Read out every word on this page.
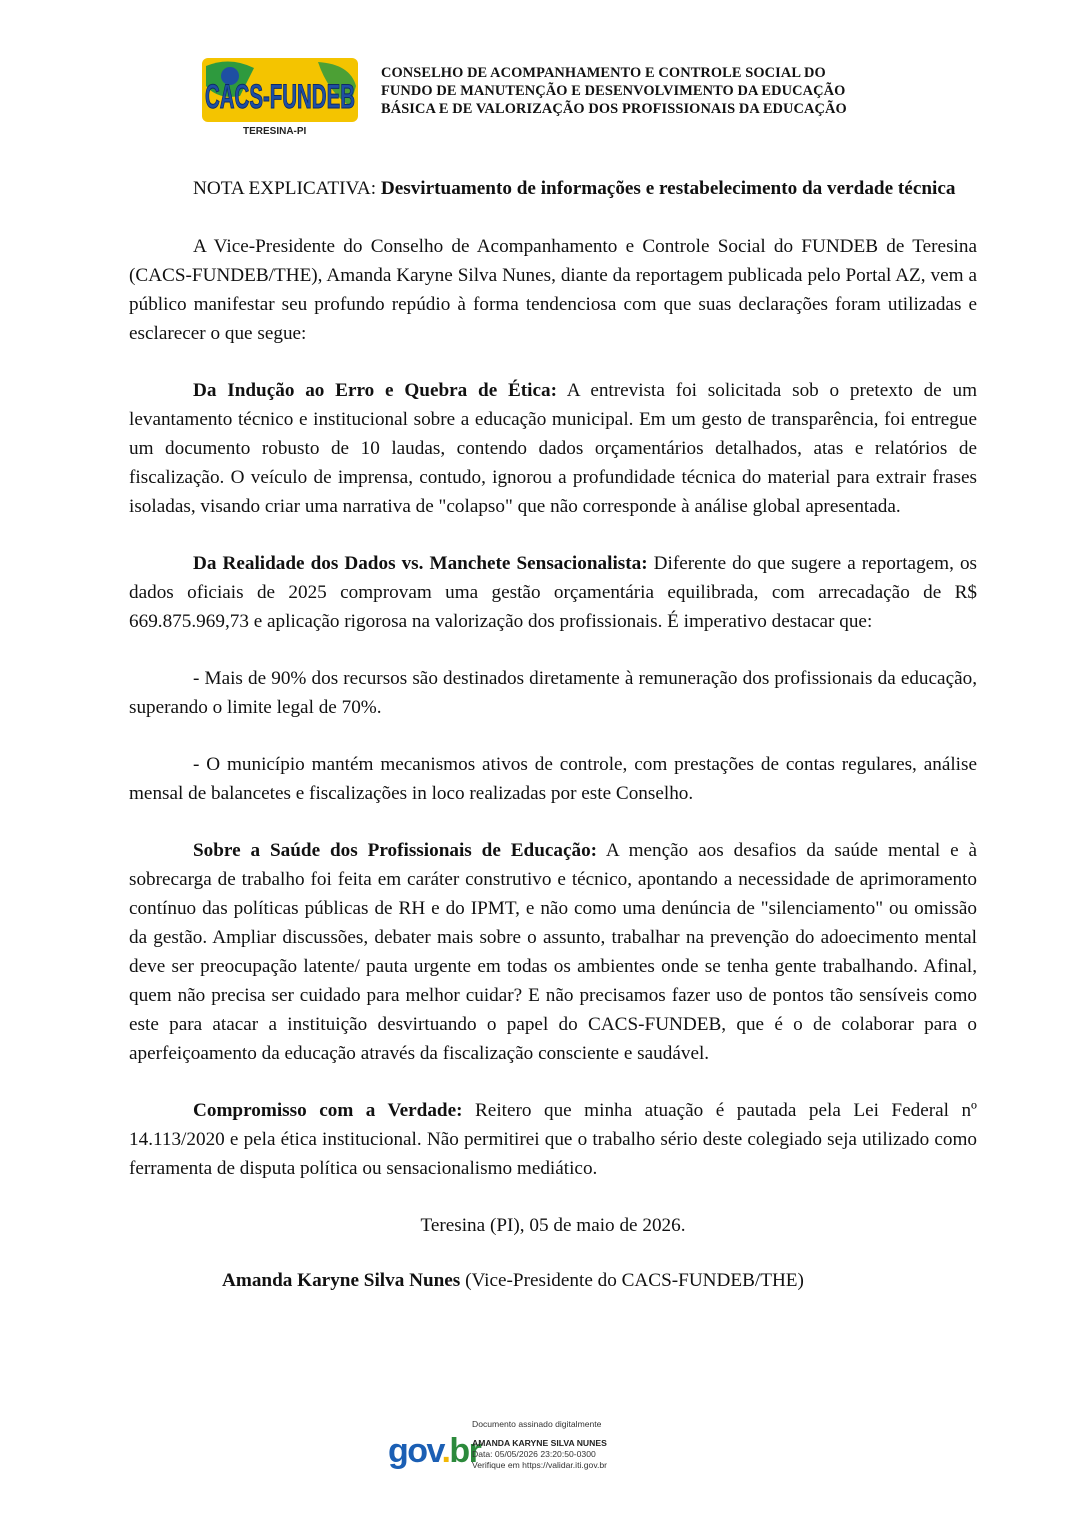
CACS-FUNDEB
TERESINA-PI
CONSELHO DE ACOMPANHAMENTO E CONTROLE SOCIAL DO
FUNDO DE MANUTENÇÃO E DESENVOLVIMENTO DA EDUCAÇÃO
BÁSICA E DE VALORIZAÇÃO DOS PROFISSIONAIS DA EDUCAÇÃO

NOTA EXPLICATIVA: Desvirtuamento de informações e restabelecimento da verdade técnica

A Vice-Presidente do Conselho de Acompanhamento e Controle Social do FUNDEB de Teresina (CACS-FUNDEB/THE), Amanda Karyne Silva Nunes, diante da reportagem publicada pelo Portal AZ, vem a público manifestar seu profundo repúdio à forma tendenciosa com que suas declarações foram utilizadas e esclarecer o que segue:

Da Indução ao Erro e Quebra de Ética: A entrevista foi solicitada sob o pretexto de um levantamento técnico e institucional sobre a educação municipal. Em um gesto de transparência, foi entregue um documento robusto de 10 laudas, contendo dados orçamentários detalhados, atas e relatórios de fiscalização. O veículo de imprensa, contudo, ignorou a profundidade técnica do material para extrair frases isoladas, visando criar uma narrativa de "colapso" que não corresponde à análise global apresentada.

Da Realidade dos Dados vs. Manchete Sensacionalista: Diferente do que sugere a reportagem, os dados oficiais de 2025 comprovam uma gestão orçamentária equilibrada, com arrecadação de R$ 669.875.969,73 e aplicação rigorosa na valorização dos profissionais. É imperativo destacar que:

- Mais de 90% dos recursos são destinados diretamente à remuneração dos profissionais da educação, superando o limite legal de 70%.

- O município mantém mecanismos ativos de controle, com prestações de contas regulares, análise mensal de balancetes e fiscalizações in loco realizadas por este Conselho.

Sobre a Saúde dos Profissionais de Educação: A menção aos desafios da saúde mental e à sobrecarga de trabalho foi feita em caráter construtivo e técnico, apontando a necessidade de aprimoramento contínuo das políticas públicas de RH e do IPMT, e não como uma denúncia de "silenciamento" ou omissão da gestão. Ampliar discussões, debater mais sobre o assunto, trabalhar na prevenção do adoecimento mental deve ser preocupação latente/ pauta urgente em todas os ambientes onde se tenha gente trabalhando. Afinal, quem não precisa ser cuidado para melhor cuidar? E não precisamos fazer uso de pontos tão sensíveis como este para atacar a instituição desvirtuando o papel do CACS-FUNDEB, que é o de colaborar para o aperfeiçoamento da educação através da fiscalização consciente e saudável.

Compromisso com a Verdade: Reitero que minha atuação é pautada pela Lei Federal nº 14.113/2020 e pela ética institucional. Não permitirei que o trabalho sério deste colegiado seja utilizado como ferramenta de disputa política ou sensacionalismo mediático.

Teresina (PI), 05 de maio de 2026.

Amanda Karyne Silva Nunes (Vice-Presidente do CACS-FUNDEB/THE)

gov.br
Documento assinado digitalmente
AMANDA KARYNE SILVA NUNES
Data: 05/05/2026 23:20:50-0300
Verifique em https://validar.iti.gov.br
